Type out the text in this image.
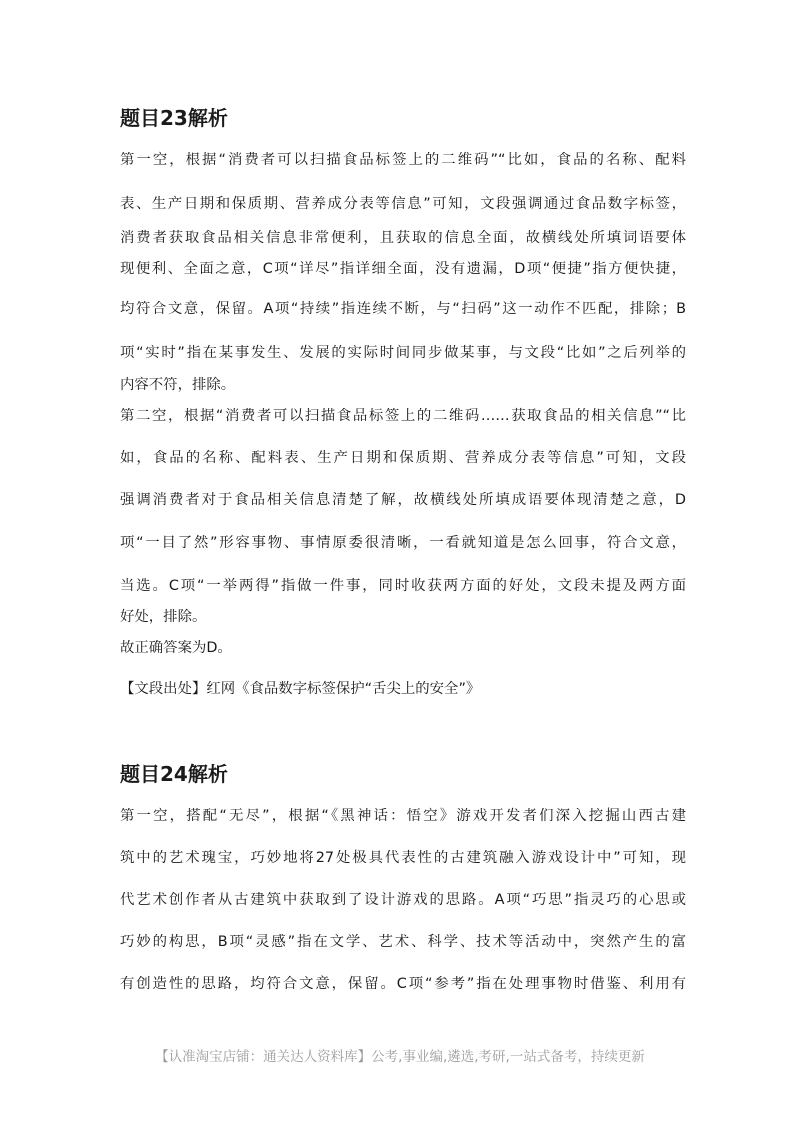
题目23解析

第一空，根据“消费者可以扫描食品标签上的二维码”“比如，食品的名称、配料

表、生产日期和保质期、营养成分表等信息”可知，文段强调通过食品数字标签，

消费者获取食品相关信息非常便利，且获取的信息全面，故横线处所填词语要体

现便利、全面之意，C项“详尽”指详细全面，没有遗漏，D项“便捷”指方便快捷，

均符合文意，保留。A项“持续”指连续不断，与“扫码”这一动作不匹配，排除；B

项“实时”指在某事发生、发展的实际时间同步做某事，与文段“比如”之后列举的

内容不符，排除。

第二空，根据“消费者可以扫描食品标签上的二维码……获取食品的相关信息”“比

如，食品的名称、配料表、生产日期和保质期、营养成分表等信息”可知，文段

强调消费者对于食品相关信息清楚了解，故横线处所填成语要体现清楚之意，D

项“一目了然”形容事物、事情原委很清晰，一看就知道是怎么回事，符合文意，

当选。C项“一举两得”指做一件事，同时收获两方面的好处，文段未提及两方面

好处，排除。

故正确答案为D。

【文段出处】红网《食品数字标签保护“舌尖上的安全”》

题目24解析

第一空，搭配“无尽”，根据“《黑神话：悟空》游戏开发者们深入挖掘山西古建

筑中的艺术瑰宝，巧妙地将27处极具代表性的古建筑融入游戏设计中”可知，现

代艺术创作者从古建筑中获取到了设计游戏的思路。A项“巧思”指灵巧的心思或

巧妙的构思，B项“灵感”指在文学、艺术、科学、技术等活动中，突然产生的富

有创造性的思路，均符合文意，保留。C项“参考”指在处理事物时借鉴、利用有

【认准淘宝店铺：通关达人资料库】公考,事业编,遴选,考研,一站式备考，持续更新
